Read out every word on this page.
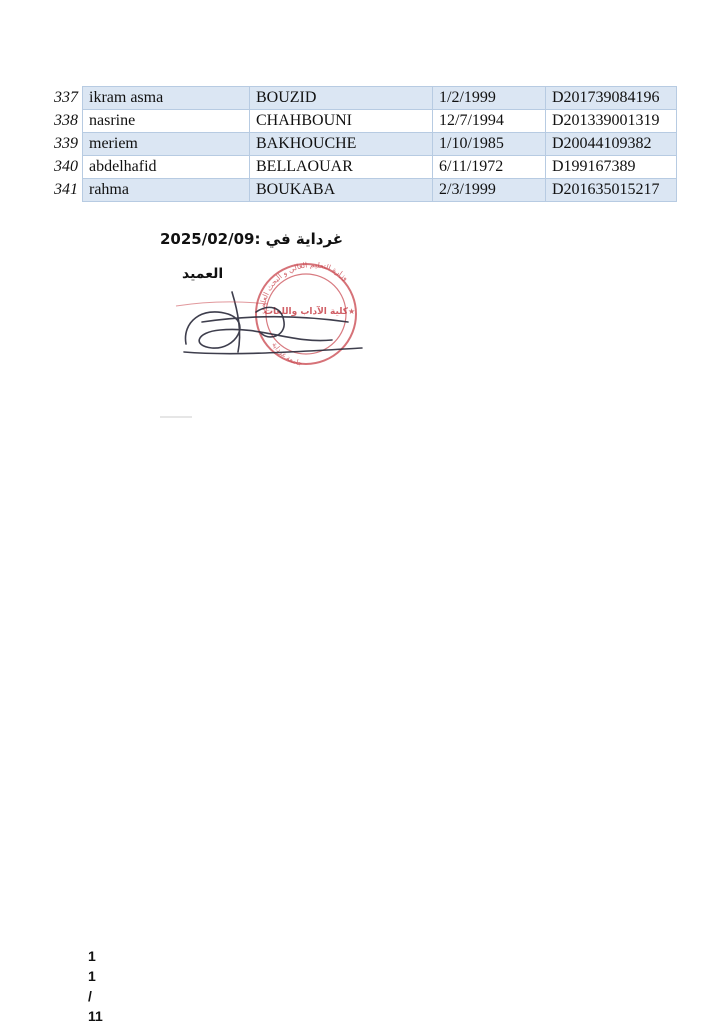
337	ikram asma	BOUZID	1/2/1999	D201739084196
338	nasrine	CHAHBOUNI	12/7/1994	D201339001319
339	meriem	BAKHOUCHE	1/10/1985	D20044109382
340	abdelhafid	BELLAOUAR	6/11/1972	D199167389
341	rahma	BOUKABA	2/3/1999	D201635015217
غرداية في :2025/02/09
وزارة التعليم العالي و البحث العلمي
جامعة غرداية
كلية الآداب واللغات ★
العميد
1
1
/
11
